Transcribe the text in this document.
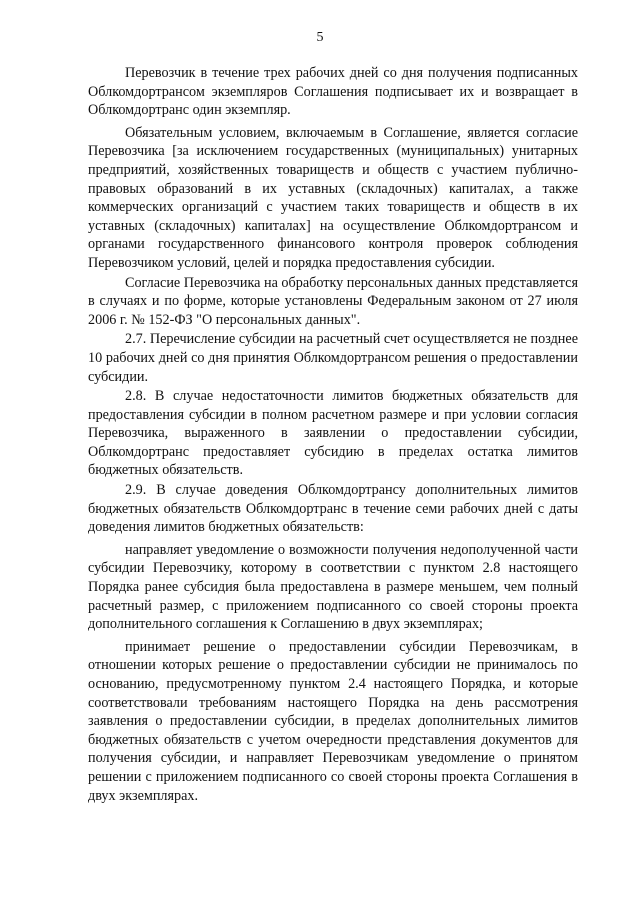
5

Перевозчик в течение трех рабочих дней со дня получения подписанных Облкомдортрансом экземпляров Соглашения подписывает их и возвращает в Облкомдортранс один экземпляр.

Обязательным условием, включаемым в Соглашение, является согласие Перевозчика [за исключением государственных (муниципальных) унитарных предприятий, хозяйственных товариществ и обществ с участием публично-правовых образований в их уставных (складочных) капиталах, а также коммерческих организаций с участием таких товариществ и обществ в их уставных (складочных) капиталах] на осуществление Облкомдортрансом и органами государственного финансового контроля проверок соблюдения Перевозчиком условий, целей и порядка предоставления субсидии.

Согласие Перевозчика на обработку персональных данных представляется в случаях и по форме, которые установлены Федеральным законом от 27 июля 2006 г. № 152-ФЗ "О персональных данных".

2.7. Перечисление субсидии на расчетный счет осуществляется не позднее 10 рабочих дней со дня принятия Облкомдортрансом решения о предоставлении субсидии.

2.8. В случае недостаточности лимитов бюджетных обязательств для предоставления субсидии в полном расчетном размере и при условии согласия Перевозчика, выраженного в заявлении о предоставлении субсидии, Облкомдортранс предоставляет субсидию в пределах остатка лимитов бюджетных обязательств.

2.9. В случае доведения Облкомдортрансу дополнительных лимитов бюджетных обязательств Облкомдортранс в течение семи рабочих дней с даты доведения лимитов бюджетных обязательств:

направляет уведомление о возможности получения недополученной части субсидии Перевозчику, которому в соответствии с пунктом 2.8 настоящего Порядка ранее субсидия была предоставлена в размере меньшем, чем полный расчетный размер, с приложением подписанного со своей стороны проекта дополнительного соглашения к Соглашению в двух экземплярах;

принимает решение о предоставлении субсидии Перевозчикам, в отношении которых решение о предоставлении субсидии не принималось по основанию, предусмотренному пунктом 2.4 настоящего Порядка, и которые соответствовали требованиям настоящего Порядка на день рассмотрения заявления о предоставлении субсидии, в пределах дополнительных лимитов бюджетных обязательств с учетом очередности представления документов для получения субсидии, и направляет Перевозчикам уведомление о принятом решении с приложением подписанного со своей стороны проекта Соглашения в двух экземплярах.
